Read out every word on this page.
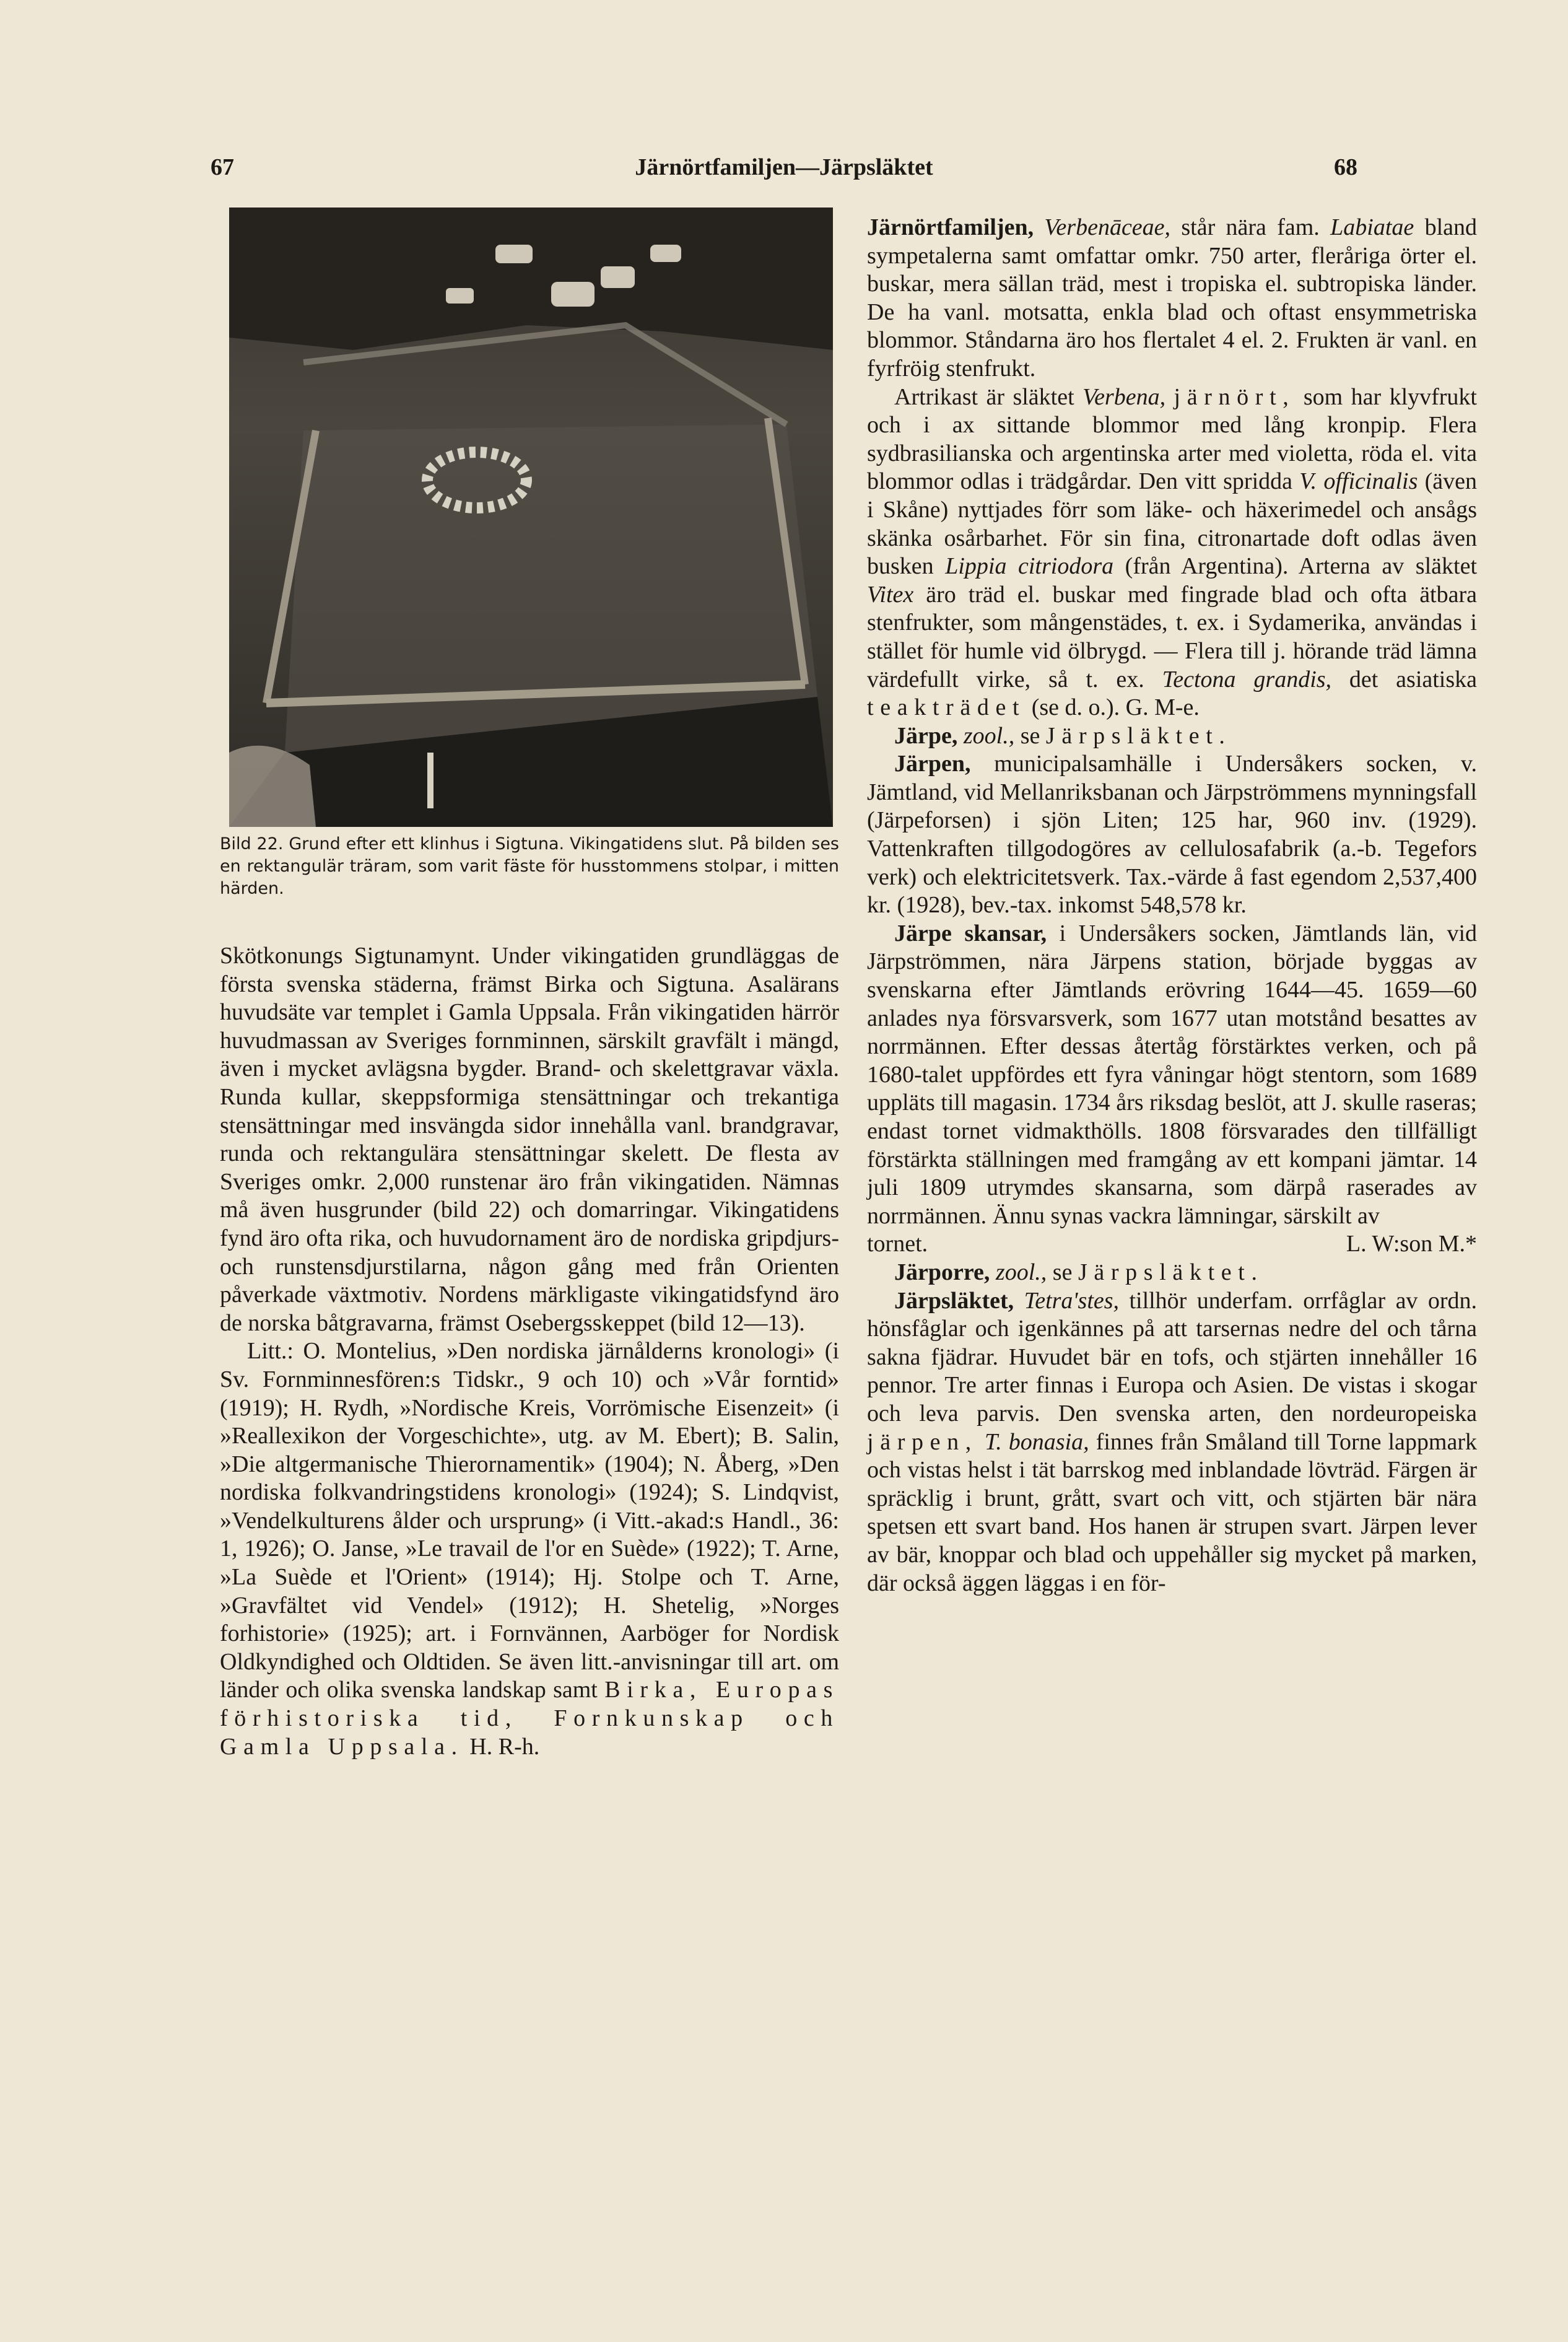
67	Järnörtfamiljen—Järpsläktet	68
Bild 22. Grund efter ett klinhus i Sigtuna. Vikingatidens slut. På bilden ses en rektangulär träram, som varit fäste för husstommens stolpar, i mitten härden.

Skötkonungs Sigtunamynt. Under vikingatiden grundläggas de första svenska städerna, främst Birka och Sigtuna. Asalärans huvudsäte var templet i Gamla Uppsala. Från vikingatiden härrör huvudmassan av Sveriges fornminnen, särskilt gravfält i mängd, även i mycket avlägsna bygder. Brand- och skelettgravar växla. Runda kullar, skeppsformiga stensättningar och trekantiga stensättningar med insvängda sidor innehålla vanl. brandgravar, runda och rektangulära stensättningar skelett. De flesta av Sveriges omkr. 2,000 runstenar äro från vikingatiden. Nämnas må även husgrunder (bild 22) och domarringar. Vikingatidens fynd äro ofta rika, och huvudornament äro de nordiska gripdjurs- och runstensdjurstilarna, någon gång med från Orienten påverkade växtmotiv. Nordens märkligaste vikingatidsfynd äro de norska båtgravarna, främst Osebergsskeppet (bild 12—13).

Litt.: O. Montelius, »Den nordiska järnålderns kronologi» (i Sv. Fornminnesfören:s Tidskr., 9 och 10) och »Vår forntid» (1919); H. Rydh, »Nordische Kreis, Vorrömische Eisenzeit» (i »Reallexikon der Vorgeschichte», utg. av M. Ebert); B. Salin, »Die altgermanische Thierornamentik» (1904); N. Åberg, »Den nordiska folkvandringstidens kronologi» (1924); S. Lindqvist, »Vendelkulturens ålder och ursprung» (i Vitt.-akad:s Handl., 36: 1, 1926); O. Janse, »Le travail de l'or en Suède» (1922); T. Arne, »La Suède et l'Orient» (1914); Hj. Stolpe och T. Arne, »Gravfältet vid Vendel» (1912); H. Shetelig, »Norges forhistorie» (1925); art. i Fornvännen, Aarböger for Nordisk Oldkyndighed och Oldtiden. Se även litt.-anvisningar till art. om länder och olika svenska landskap samt Birka, Europas förhistoriska tid, Fornkunskap och Gamla Uppsala. H. R-h.

Järnörtfamiljen, Verbenāceae, står nära fam. Labiatae bland sympetalerna samt omfattar omkr. 750 arter, fleråriga örter el. buskar, mera sällan träd, mest i tropiska el. subtropiska länder. De ha vanl. motsatta, enkla blad och oftast ensymmetriska blommor. Ståndarna äro hos flertalet 4 el. 2. Frukten är vanl. en fyrfröig stenfrukt.

Artrikast är släktet Verbena, järnört, som har klyvfrukt och i ax sittande blommor med lång kronpip. Flera sydbrasilianska och argentinska arter med violetta, röda el. vita blommor odlas i trädgårdar. Den vitt spridda V. officinalis (även i Skåne) nyttjades förr som läke- och häxerimedel och ansågs skänka osårbarhet. För sin fina, citronartade doft odlas även busken Lippia citriodora (från Argentina). Arterna av släktet Vitex äro träd el. buskar med fingrade blad och ofta ätbara stenfrukter, som mångenstädes, t. ex. i Sydamerika, användas i stället för humle vid ölbrygd. — Flera till j. hörande träd lämna värdefullt virke, så t. ex. Tectona grandis, det asiatiska teakträdet (se d. o.). G. M-e.

Järpe, zool., se Järpsläktet.

Järpen, municipalsamhälle i Undersåkers socken, v. Jämtland, vid Mellanriksbanan och Järpströmmens mynningsfall (Järpeforsen) i sjön Liten; 125 har, 960 inv. (1929). Vattenkraften tillgodogöres av cellulosafabrik (a.-b. Tegefors verk) och elektricitetsverk. Tax.-värde å fast egendom 2,537,400 kr. (1928), bev.-tax. inkomst 548,578 kr.

Järpe skansar, i Undersåkers socken, Jämtlands län, vid Järpströmmen, nära Järpens station, började byggas av svenskarna efter Jämtlands erövring 1644—45. 1659—60 anlades nya försvarsverk, som 1677 utan motstånd besattes av norrmännen. Efter dessas återtåg förstärktes verken, och på 1680-talet uppfördes ett fyra våningar högt stentorn, som 1689 uppläts till magasin. 1734 års riksdag beslöt, att J. skulle raseras; endast tornet vidmakthölls. 1808 försvarades den tillfälligt förstärkta ställningen med framgång av ett kompani jämtar. 14 juli 1809 utrymdes skansarna, som därpå raserades av norrmännen. Ännu synas vackra lämningar, särskilt av

tornet.	L. W:son M.*

Järporre, zool., se Järpsläktet.

Järpsläktet, Tetra'stes, tillhör underfam. orrfåglar av ordn. hönsfåglar och igenkännes på att tarsernas nedre del och tårna sakna fjädrar. Huvudet bär en tofs, och stjärten innehåller 16 pennor. Tre arter finnas i Europa och Asien. De vistas i skogar och leva parvis. Den svenska arten, den nordeuropeiska järpen, T. bonasia, finnes från Småland till Torne lappmark och vistas helst i tät barrskog med inblandade lövträd. Färgen är spräcklig i brunt, grått, svart och vitt, och stjärten bär nära spetsen ett svart band. Hos hanen är strupen svart. Järpen lever av bär, knoppar och blad och uppehåller sig mycket på marken, där också äggen läggas i en för-
